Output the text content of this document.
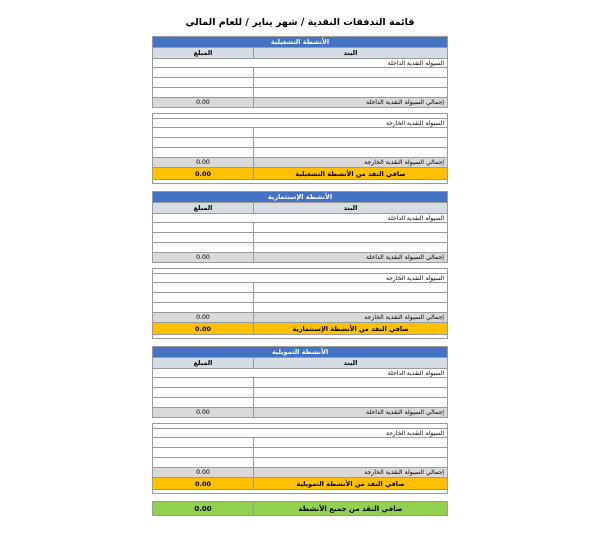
قائمة التدفقات النقدية / شهر يناير / للعام المالي
الأنشطة التشغيلية
البند
المبلغ
السيولة النقدية الداخلة
إجمالي السيولة النقدية الداخلة
0.00
السيولة النقدية الخارجة
إجمالي السيولة النقدية الخارجة
0.00
صافي النقد من الأنشطة التشغيلية
0.00
الأنشطة الإستثمارية
البند
المبلغ
السيولة النقدية الداخلة
إجمالي السيولة النقدية الداخلة
0.00
السيولة النقدية الخارجة
إجمالي السيولة النقدية الخارجة
0.00
صافي النقد من الأنشطة الإستثمارية
0.00
الأنشطة التمويلية
البند
المبلغ
السيولة النقدية الداخلة
إجمالي السيولة النقدية الداخلة
0.00
السيولة النقدية الخارجة
إجمالي السيولة النقدية الخارجة
0.00
صافي النقد من الأنشطة التمويلية
0.00
صافي النقد من جميع الأنشطة
0.00
